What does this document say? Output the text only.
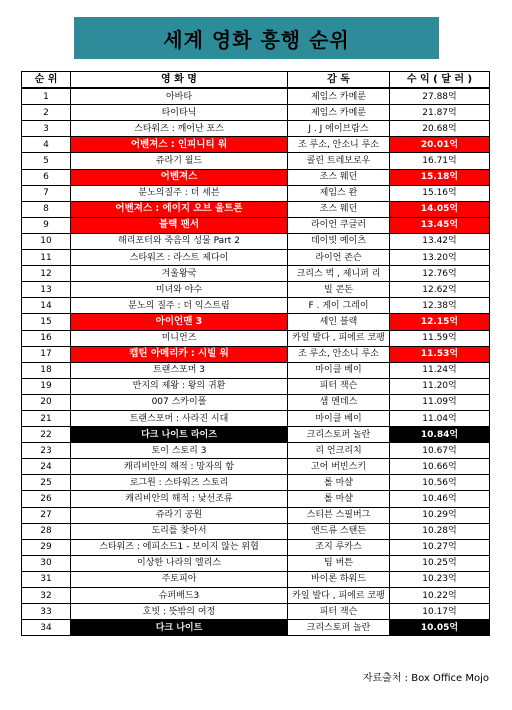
세계 영화 흥행 순위
순 위	영 화 명	감 독	수 익 ( 달 러 )
1	아바타	제임스 카메룬	27.88억
2	타이타닉	제임스 카메룬	21.87억
3	스타워즈 : 깨어난 포스	J . J 에이브람스	20.68억
4	어벤져스 : 인피니티 워	조 루소, 안소니 루소	20.01억
5	쥬라기 월드	콜린 트레보로우	16.71억
6	어벤져스	조스 웨던	15.18억
7	분노의질주 : 더 세븐	제임스 완	15.16억
8	어벤져스 : 에이지 오브 울트론	조스 웨던	14.05억
9	블랙 팬서	라이언 쿠글러	13.45억
10	해리포터와 죽음의 성물 Part 2	데이빗 예이츠	13.42억
11	스타워즈 : 라스트 제다이	라이언 존슨	13.20억
12	겨울왕국	크리스 벅 , 제니퍼 리	12.76억
13	미녀와 야수	빌 콘돈	12.62억
14	분노의 질주 : 더 익스트림	F . 게이 그레이	12.38억
15	아이언맨 3	셰인 블랙	12.15억
16	미니언즈	카일 발다 , 피에르 코팽	11.59억
17	캡틴 아메리카 : 시빌 워	조 루소, 안소니 루소	11.53억
18	트랜스포머 3	마이클 베이	11.24억
19	반지의 제왕 : 왕의 귀환	피터 잭슨	11.20억
20	007 스카이폴	샘 멘데스	11.09억
21	트랜스포머 : 사라진 시대	마이클 베이	11.04억
22	다크 나이트 라이즈	크리스토퍼 놀란	10.84억
23	토이 스토리 3	리 언크리치	10.67억
24	캐리비안의 해적 : 망자의 함	고어 버빈스키	10.66억
25	로그원 : 스타워즈 스토리	롤 마샬	10.56억
26	캐리비안의 해적 : 낯선조류	롤 마샬	10.46억
27	쥬라기 공원	스티븐 스필버그	10.29억
28	도리를 찾아서	앤드류 스탠든	10.28억
29	스타워즈 : 에피소드1 - 보이지 않는 위협	조지 루카스	10.27억
30	이상한 나라의 엘리스	팀 버튼	10.25억
31	주토피아	바이론 하워드	10.23억
32	슈퍼배드3	카일 발다 , 피에르 코팽	10.22억
33	호빗 : 뜻밖의 여정	피터 잭슨	10.17억
34	다크 나이트	크리스토퍼 놀란	10.05억
자료출처 : Box Office Mojo
